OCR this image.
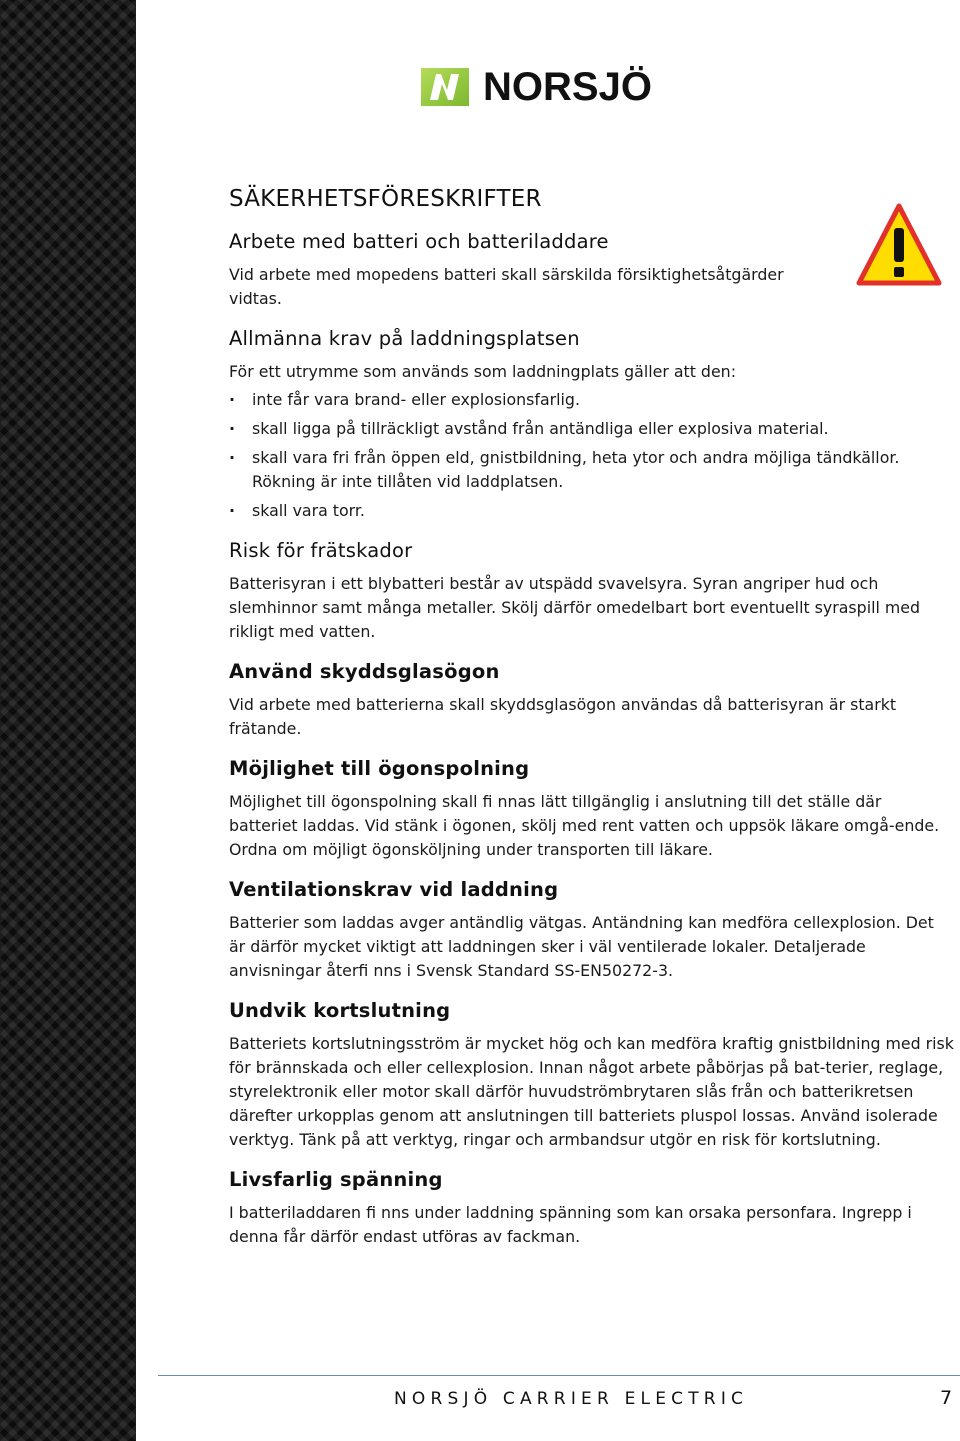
NORSJÖ
SÄKERHETSFÖRESKRIFTER
Arbete med batteri och batteriladdare

Vid arbete med mopedens batteri skall särskilda försiktighetsåtgärder vidtas.

Allmänna krav på laddningsplatsen

För ett utrymme som används som laddningplats gäller att den:

· inte får vara brand- eller explosionsfarlig.
· skall ligga på tillräckligt avstånd från antändliga eller explosiva material.
· skall vara fri från öppen eld, gnistbildning, heta ytor och andra möjliga tändkällor. Rökning är inte tillåten vid laddplatsen.
· skall vara torr.
Risk för frätskador

Batterisyran i ett blybatteri består av utspädd svavelsyra. Syran angriper hud och slemhinnor samt många metaller. Skölj därför omedelbart bort eventuellt syraspill med rikligt med vatten.

Använd skyddsglasögon

Vid arbete med batterierna skall skyddsglasögon användas då batterisyran är starkt frätande.

Möjlighet till ögonspolning

Möjlighet till ögonspolning skall fi nnas lätt tillgänglig i anslutning till det ställe där batteriet laddas. Vid stänk i ögonen, skölj med rent vatten och uppsök läkare omgå-ende. Ordna om möjligt ögonsköljning under transporten till läkare.

Ventilationskrav vid laddning

Batterier som laddas avger antändlig vätgas. Antändning kan medföra cellexplosion. Det är därför mycket viktigt att laddningen sker i väl ventilerade lokaler. Detaljerade anvisningar återfi nns i Svensk Standard SS-EN50272-3.

Undvik kortslutning

Batteriets kortslutningsström är mycket hög och kan medföra kraftig gnistbildning med risk för brännskada och eller cellexplosion. Innan något arbete påbörjas på bat-terier, reglage, styrelektronik eller motor skall därför huvudströmbrytaren slås från och batterikretsen därefter urkopplas genom att anslutningen till batteriets pluspol lossas. Använd isolerade verktyg. Tänk på att verktyg, ringar och armbandsur utgör en risk för kortslutning.

Livsfarlig spänning

I batteriladdaren fi nns under laddning spänning som kan orsaka personfara. Ingrepp i denna får därför endast utföras av fackman.

NORSJÖ CARRIER ELECTRIC	7
